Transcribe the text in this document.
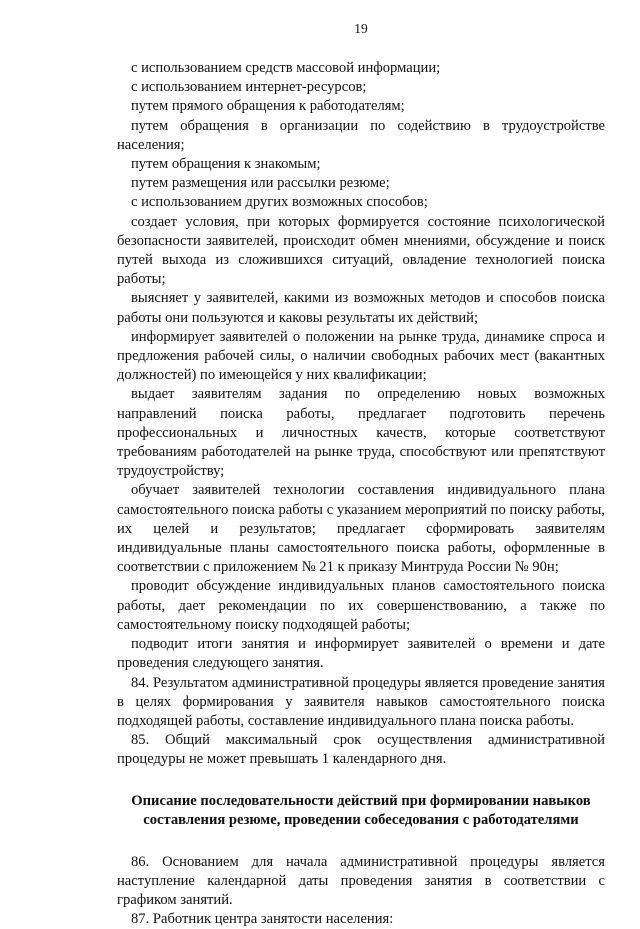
19

с использованием средств массовой информации;

с использованием интернет-ресурсов;

путем прямого обращения к работодателям;

путем обращения в организации по содействию в трудоустройстве населения;

путем обращения к знакомым;

путем размещения или рассылки резюме;

с использованием других возможных способов;

создает условия, при которых формируется состояние психологической безопасности заявителей, происходит обмен мнениями, обсуждение и поиск путей выхода из сложившихся ситуаций, овладение технологией поиска работы;

выясняет у заявителей, какими из возможных методов и способов поиска работы они пользуются и каковы результаты их действий;

информирует заявителей о положении на рынке труда, динамике спроса и предложения рабочей силы, о наличии свободных рабочих мест (вакантных должностей) по имеющейся у них квалификации;

выдает заявителям задания по определению новых возможных направлений поиска работы, предлагает подготовить перечень профессиональных и личностных качеств, которые соответствуют требованиям работодателей на рынке труда, способствуют или препятствуют трудоустройству;

обучает заявителей технологии составления индивидуального плана самостоятельного поиска работы с указанием мероприятий по поиску работы, их целей и результатов; предлагает сформировать заявителям индивидуальные планы самостоятельного поиска работы, оформленные в соответствии с приложением № 21 к приказу Минтруда России № 90н;

проводит обсуждение индивидуальных планов самостоятельного поиска работы, дает рекомендации по их совершенствованию, а также по самостоятельному поиску подходящей работы;

подводит итоги занятия и информирует заявителей о времени и дате проведения следующего занятия.

84. Результатом административной процедуры является проведение занятия в целях формирования у заявителя навыков самостоятельного поиска подходящей работы, составление индивидуального плана поиска работы.

85. Общий максимальный срок осуществления административной процедуры не может превышать 1 календарного дня.

Описание последовательности действий при формировании навыков составления резюме, проведении собеседования с работодателями

86. Основанием для начала административной процедуры является наступление календарной даты проведения занятия в соответствии с графиком занятий.

87. Работник центра занятости населения:
